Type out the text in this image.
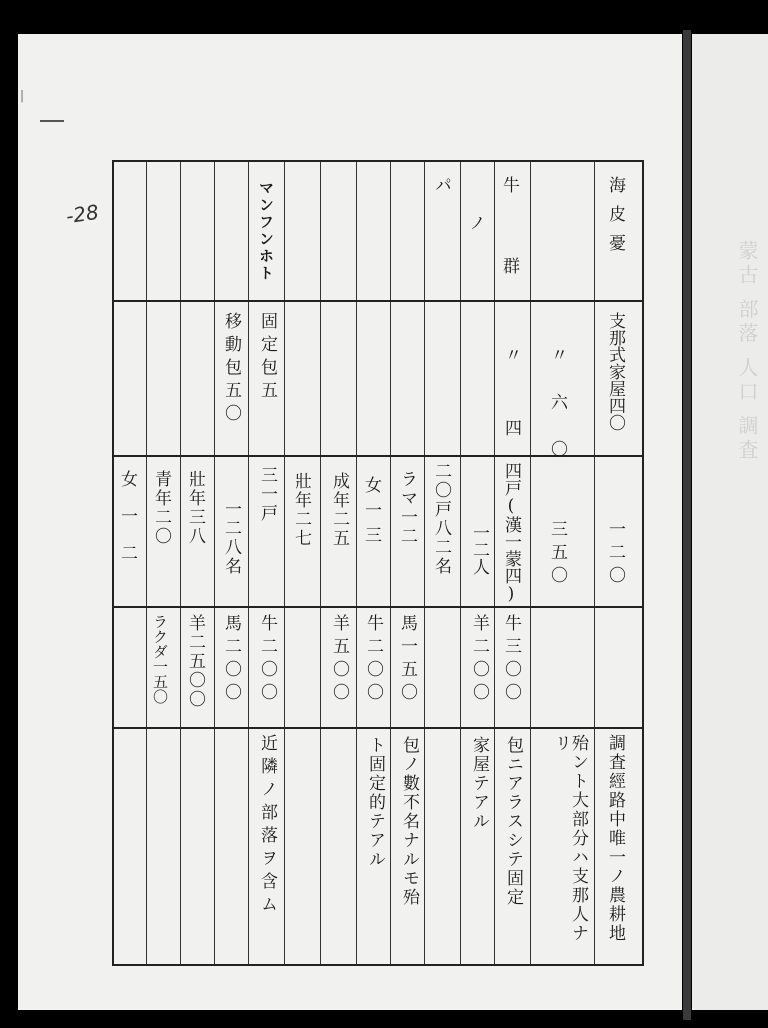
蒙古 部落 人口 調査
-28
|
海皮憂
支那式家屋四〇
一二〇
調査經路中唯一ノ農耕地
〃六〇
三五〇
殆ント大部分ハ支那人ナリ
牛群
〃四
四戸(漢一蒙四)
牛三〇〇
包ニアラスシテ固定
ノ
一二人
羊二〇〇
家屋テアル
パ
二〇戸八二名
ラマ一二
馬一五〇
包ノ數不名ナルモ殆
女一三
牛二〇〇
ト固定的テアル
成年二五
羊五〇〇
壯年二七
マンフンホト
固定包五
三一戸
牛二〇〇
近隣ノ部落ヲ含ム
移動包五〇
一二八名
馬二〇〇
壯年三八
羊二五〇〇
青年二〇
ラクダ一五〇
女一二
